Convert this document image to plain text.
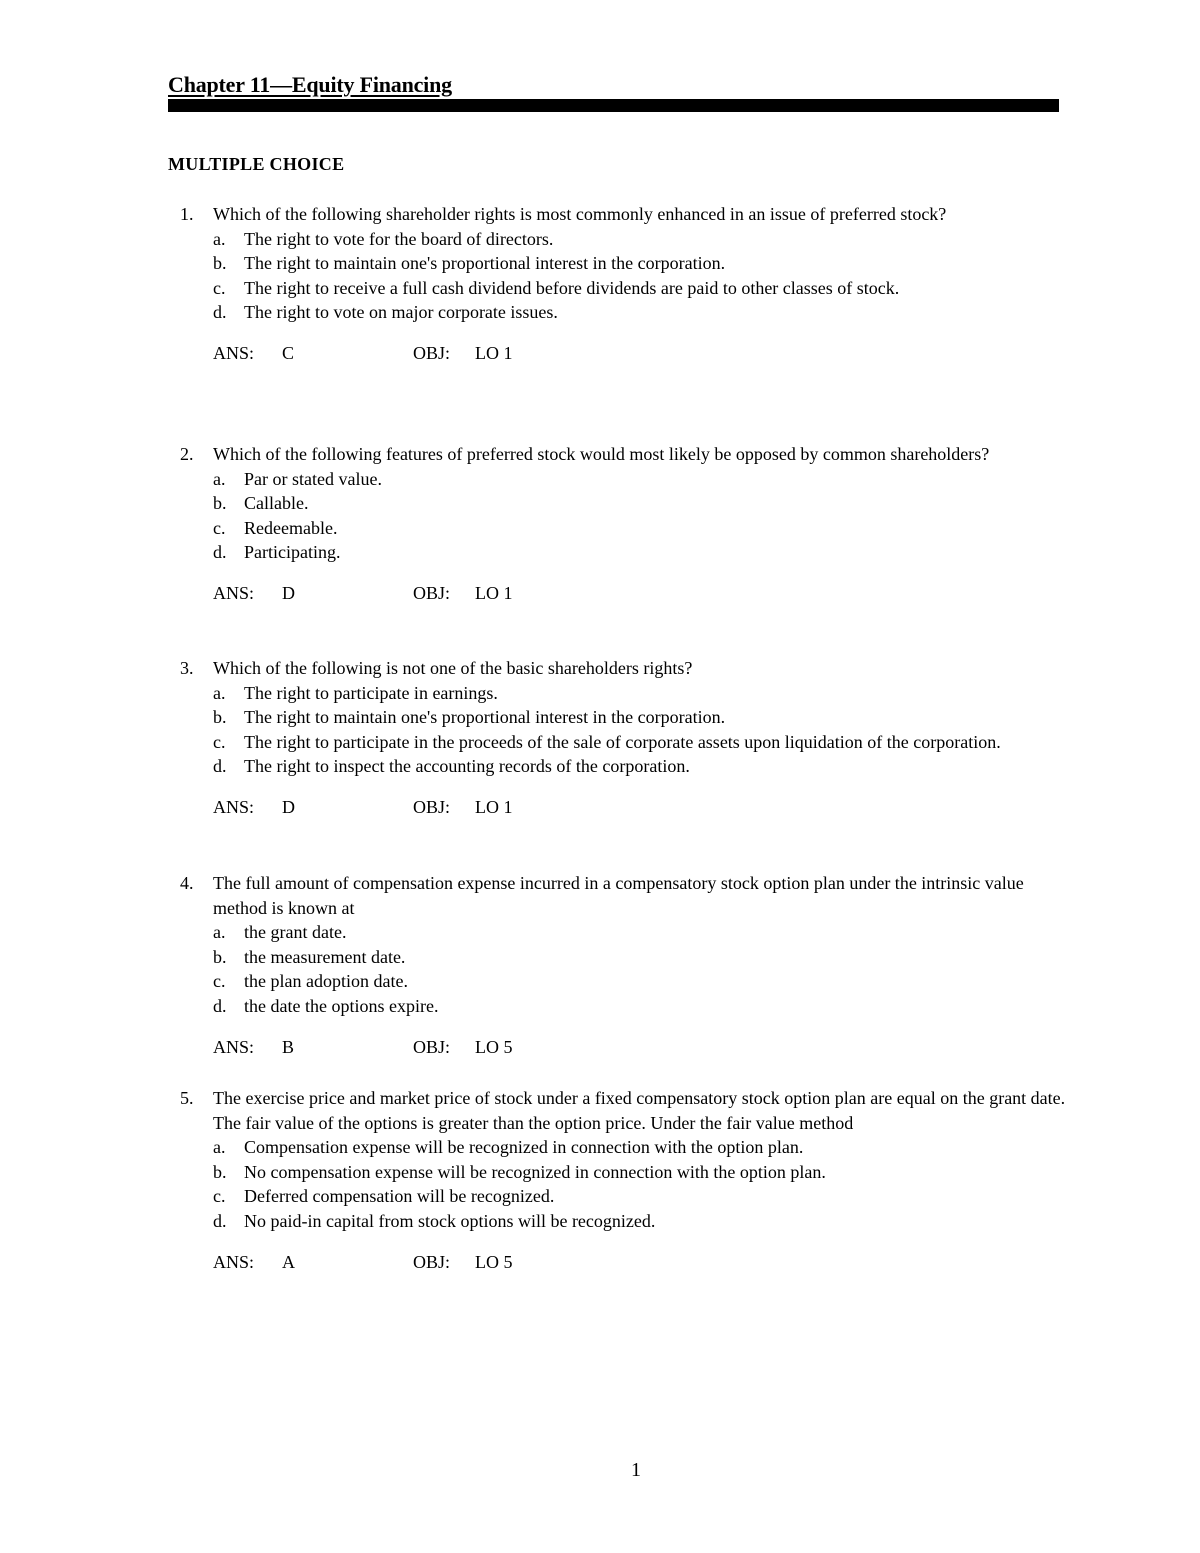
Chapter 11—Equity Financing
MULTIPLE CHOICE
1.	Which of the following shareholder rights is most commonly enhanced in an issue of preferred stock?
a.	The right to vote for the board of directors.
b. The right to maintain one's proportional interest in the corporation.
c.	The right to receive a full cash dividend before dividends are paid to other classes of stock.
d. The right to vote on major corporate issues.
ANS:	C	OBJ:	LO 1
2.	Which of the following features of preferred stock would most likely be opposed by common shareholders?
a.	Par or stated value.
b. Callable.
c.	Redeemable.
d. Participating.
ANS:	D	OBJ:	LO 1
3.	Which of the following is not one of the basic shareholders rights?
a.	The right to participate in earnings.
b. The right to maintain one's proportional interest in the corporation.
c.	The right to participate in the proceeds of the sale of corporate assets upon liquidation of the corporation.
d. The right to inspect the accounting records of the corporation.
ANS:	D	OBJ:	LO 1
4.	The full amount of compensation expense incurred in a compensatory stock option plan under the intrinsic value method is known at
a.	the grant date.
b. the measurement date.
c.	the plan adoption date.
d. the date the options expire.
ANS:	B	OBJ:	LO 5
5.	The exercise price and market price of stock under a fixed compensatory stock option plan are equal on the grant date. The fair value of the options is greater than the option price. Under the fair value method
a.	Compensation expense will be recognized in connection with the option plan.
b. No compensation expense will be recognized in connection with the option plan.
c.	Deferred compensation will be recognized.
d. No paid-in capital from stock options will be recognized.
ANS:	A	OBJ:	LO 5
1
